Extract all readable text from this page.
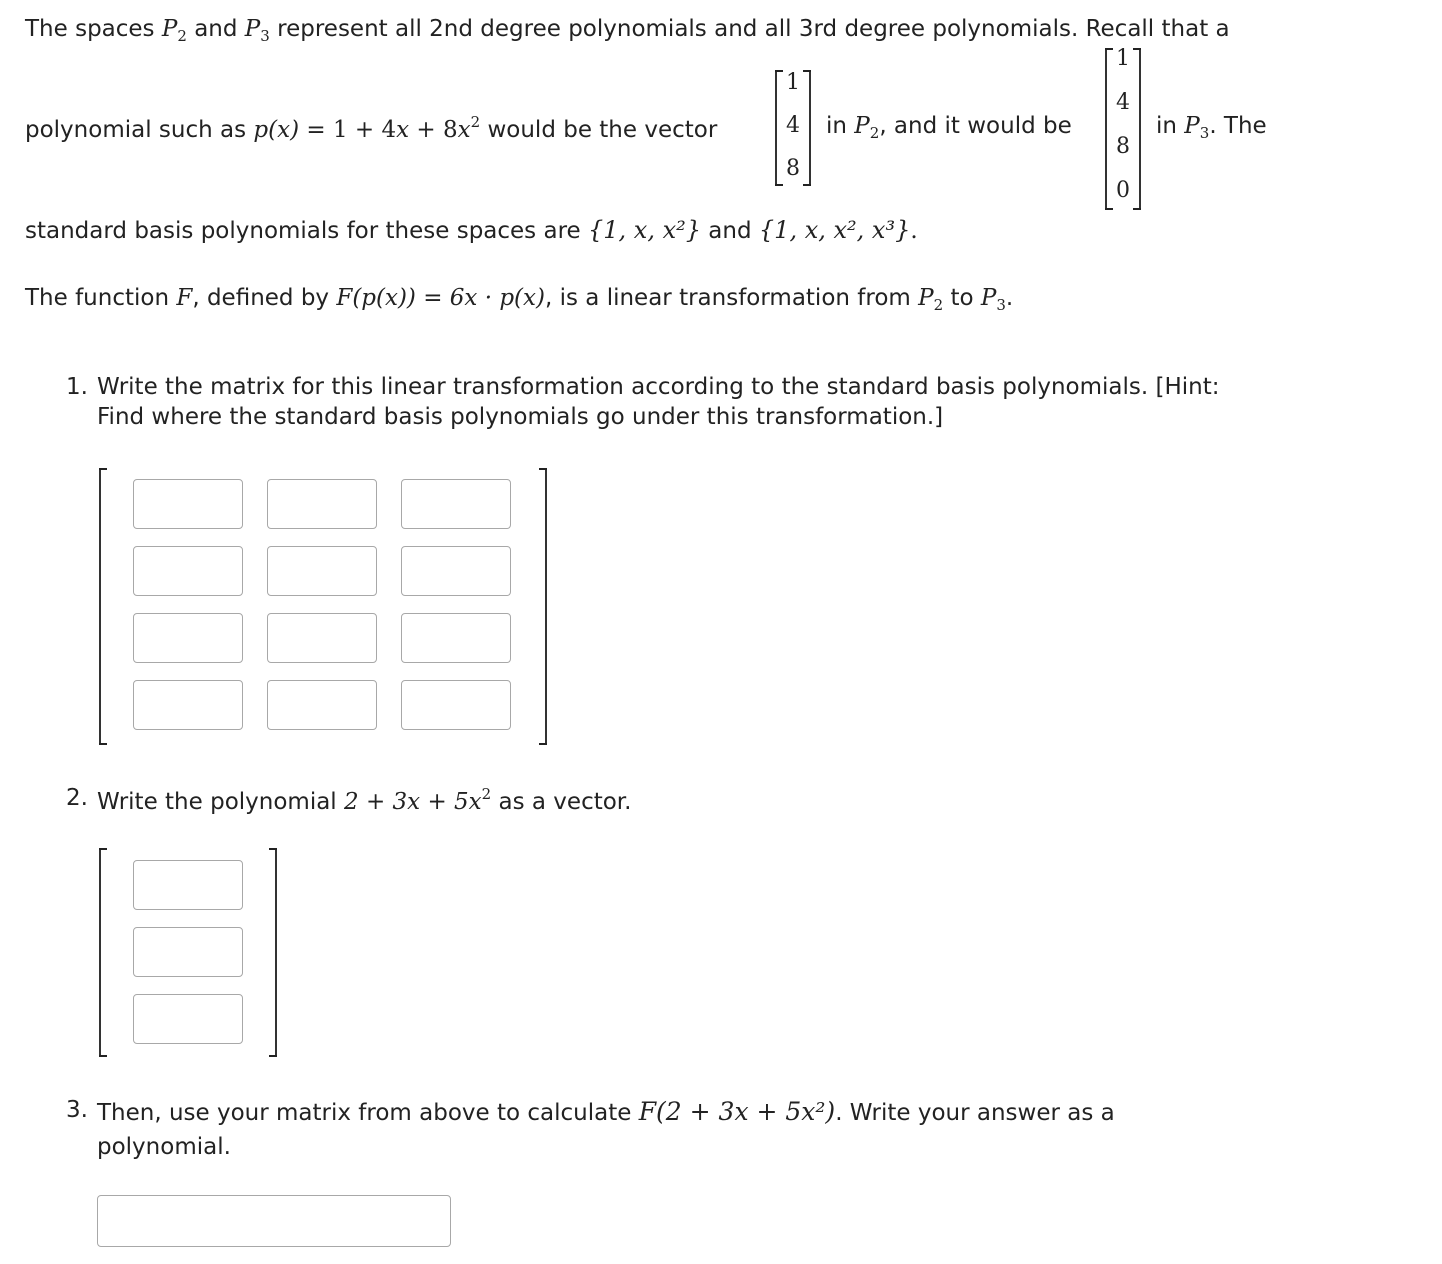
The spaces $P_2$ and $P_3$ represent all 2nd degree polynomials and all 3rd degree polynomials. Recall that a
polynomial such as $p(x) = 1 + 4x + 8x^2$ would be the vector
1
4
8
in $P_2$, and it would be
1
4
8
0
in $P_3$. The
standard basis polynomials for these spaces are {1, x, x²} and {1, x, x², x³}.
The function F, defined by F(p(x)) = 6x · p(x), is a linear transformation from $P_2$ to $P_3$.
1. Write the matrix for this linear transformation according to the standard basis polynomials. [Hint:
Find where the standard basis polynomials go under this transformation.]
2. Write the polynomial $2 + 3x + 5x^2$ as a vector.
3. Then, use your matrix from above to calculate F(2 + 3x + 5x²). Write your answer as a
polynomial.
